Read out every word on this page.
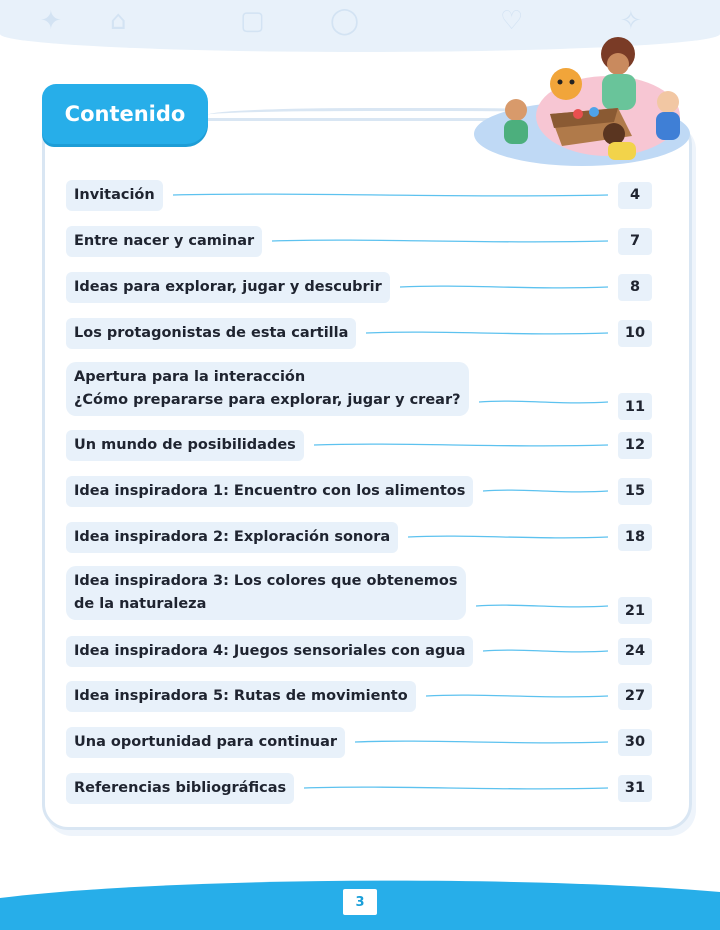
✦ ⌂	▢	◯	♡	✧
Contenido
Invitación	4
Entre nacer y caminar	7
Ideas para explorar, jugar y descubrir	8
Los protagonistas de esta cartilla	10
Apertura para la interacción
¿Cómo prepararse para explorar, jugar y crear?	11
Un mundo de posibilidades	12
Idea inspiradora 1: Encuentro con los alimentos	15
Idea inspiradora 2: Exploración sonora	18
Idea inspiradora 3: Los colores que obtenemos
de la naturaleza	21
Idea inspiradora 4: Juegos sensoriales con agua	24
Idea inspiradora 5: Rutas de movimiento	27
Una oportunidad para continuar	30
Referencias bibliográficas	31
3
